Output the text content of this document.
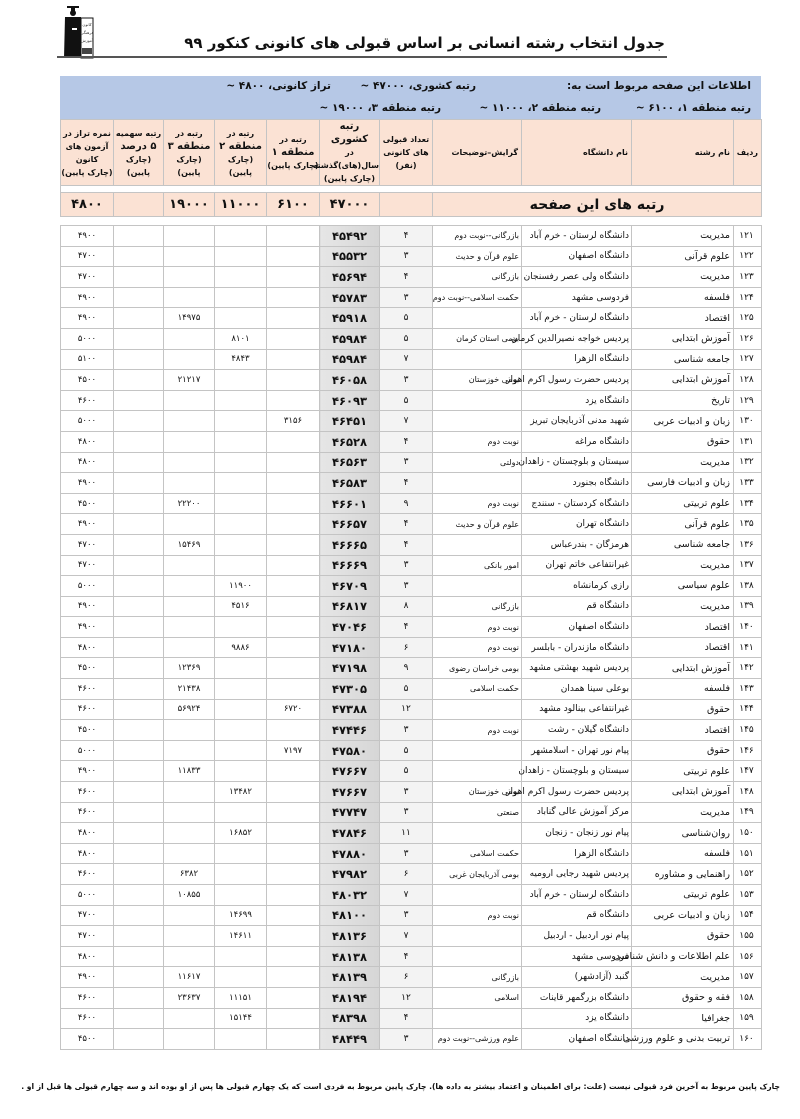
کانون
فرهنگی
آموزش	جدول انتخاب رشته انسانی بر اساس قبولی های کانونی کنکور ۹۹
اطلاعات این صفحه مربوط است به:
رتبه کشوری، ۴۷۰۰۰ ~
تراز کانونی، ۴۸۰۰ ~
رتبه منطقه ۱، ۶۱۰۰ ~
رتبه منطقه ۲، ۱۱۰۰۰ ~
رتبه منطقه ۳، ۱۹۰۰۰ ~
ردیف	نام رشته	نام دانشگاه	گرایش–توضیحات	
تعداد قبولی
های کانونی
(نفر)

رتبه کشوری
در سال(های)گذشته
(چارک پایین)

رتبه در
منطقه ۱
(چارک پایین)

رتبه در
منطقه ۲
(چارک پایین)

رتبه در
منطقه ۳
(چارک پایین)

رتبه سهمیه
۵ درصد
(چارک پایین)

نمره تراز در
آزمون های
کانون
(چارک پایین)

رتبه های این صفحه		۴۷۰۰۰	۶۱۰۰	۱۱۰۰۰	۱۹۰۰۰		۴۸۰۰

۱۲۱	مدیریت	دانشگاه لرستان - خرم آباد	بازرگانی--نوبت دوم	۴	۴۵۴۹۲					۴۹۰۰
۱۲۲	علوم قرآنی	دانشگاه اصفهان	علوم قرآن و حدیث	۳	۴۵۵۳۲					۴۷۰۰
۱۲۳	مدیریت	دانشگاه ولی عصر رفسنجان	بازرگانی	۴	۴۵۶۹۴					۴۷۰۰
۱۲۴	فلسفه	فردوسی مشهد	حکمت اسلامی--نوبت دوم	۳	۴۵۷۸۳					۴۹۰۰
۱۲۵	اقتصاد	دانشگاه لرستان - خرم آباد		۵	۴۵۹۱۸			۱۴۹۷۵		۴۹۰۰
۱۲۶	آموزش ابتدایی	پردیس خواجه نصیرالدین کرمان	بومی استان کرمان	۵	۴۵۹۸۴		۸۱۰۱			۵۰۰۰
۱۲۷	جامعه شناسی	دانشگاه الزهرا		۷	۴۵۹۸۴		۴۸۴۳			۵۱۰۰
۱۲۸	آموزش ابتدایی	پردیس حضرت رسول اکرم اهواز	بومی خوزستان	۳	۴۶۰۵۸			۲۱۲۱۷		۴۵۰۰
۱۲۹	تاریخ	دانشگاه یزد		۵	۴۶۰۹۳					۴۶۰۰
۱۳۰	زبان و ادبیات عربی	شهید مدنی آذربایجان تبریز		۷	۴۶۴۵۱	۳۱۵۶				۵۰۰۰
۱۳۱	حقوق	دانشگاه مراغه	نوبت دوم	۴	۴۶۵۲۸					۴۸۰۰
۱۳۲	مدیریت	سیستان و بلوچستان - زاهدان	دولتی	۳	۴۶۵۶۳					۴۸۰۰
۱۳۳	زبان و ادبیات فارسی	دانشگاه بجنورد		۴	۴۶۵۸۳					۴۹۰۰
۱۳۴	علوم تربیتی	دانشگاه کردستان - سنندج	نوبت دوم	۹	۴۶۶۰۱			۲۲۲۰۰		۴۵۰۰
۱۳۵	علوم قرآنی	دانشگاه تهران	علوم قرآن و حدیث	۴	۴۶۶۵۷					۴۹۰۰
۱۳۶	جامعه شناسی	هرمزگان - بندرعباس		۴	۴۶۶۶۵			۱۵۴۶۹		۴۷۰۰
۱۳۷	مدیریت	غیرانتفاعی خاتم تهران	امور بانکی	۳	۴۶۶۶۹					۴۷۰۰
۱۳۸	علوم سیاسی	رازی کرمانشاه		۳	۴۶۷۰۹		۱۱۹۰۰			۵۰۰۰
۱۳۹	مدیریت	دانشگاه قم	بازرگانی	۸	۴۶۸۱۷		۴۵۱۶			۴۹۰۰
۱۴۰	اقتصاد	دانشگاه اصفهان	نوبت دوم	۴	۴۷۰۴۶					۴۹۰۰
۱۴۱	اقتصاد	دانشگاه مازندران - بابلسر	نوبت دوم	۶	۴۷۱۸۰		۹۸۸۶			۴۸۰۰
۱۴۲	آموزش ابتدایی	پردیس شهید بهشتی مشهد	بومی خراسان رضوی	۹	۴۷۱۹۸			۱۲۳۶۹		۴۵۰۰
۱۴۳	فلسفه	بوعلی سینا همدان	حکمت اسلامی	۵	۴۷۳۰۵			۲۱۴۳۸		۴۶۰۰
۱۴۴	حقوق	غیرانتفاعی بینالود مشهد		۱۲	۴۷۳۸۸	۶۷۲۰		۵۶۹۲۴		۴۶۰۰
۱۴۵	اقتصاد	دانشگاه گیلان - رشت	نوبت دوم	۳	۴۷۴۴۶					۴۵۰۰
۱۴۶	حقوق	پیام نور تهران - اسلامشهر		۵	۴۷۵۸۰	۷۱۹۷				۵۰۰۰
۱۴۷	علوم تربیتی	سیستان و بلوچستان - زاهدان		۵	۴۷۶۶۷			۱۱۸۳۳		۴۹۰۰
۱۴۸	آموزش ابتدایی	پردیس حضرت رسول اکرم اهواز	بومی خوزستان	۳	۴۷۶۶۷		۱۳۴۸۲			۴۶۰۰
۱۴۹	مدیریت	مرکز آموزش عالی گناباد	صنعتی	۳	۴۷۷۴۷					۴۶۰۰
۱۵۰	روان‌شناسی	پیام نور زنجان - زنجان		۱۱	۴۷۸۴۶		۱۶۸۵۲			۴۸۰۰
۱۵۱	فلسفه	دانشگاه الزهرا	حکمت اسلامی	۳	۴۷۸۸۰					۴۸۰۰
۱۵۲	راهنمایی و مشاوره	پردیس شهید رجایی ارومیه	بومی آذربایجان غربی	۶	۴۷۹۸۲			۶۳۸۲		۴۶۰۰
۱۵۳	علوم تربیتی	دانشگاه لرستان - خرم آباد		۷	۴۸۰۳۲			۱۰۸۵۵		۵۰۰۰
۱۵۴	زبان و ادبیات عربی	دانشگاه قم	نوبت دوم	۳	۴۸۱۰۰		۱۴۶۹۹			۴۷۰۰
۱۵۵	حقوق	پیام نور اردبیل - اردبیل		۷	۴۸۱۳۶		۱۴۶۱۱			۴۷۰۰
۱۵۶	علم اطلاعات و دانش شناسی	فردوسی مشهد		۴	۴۸۱۳۸					۴۸۰۰
۱۵۷	مدیریت	گنبد (آزادشهر)	بازرگانی	۶	۴۸۱۳۹			۱۱۶۱۷		۴۹۰۰
۱۵۸	فقه و حقوق	دانشگاه بزرگمهر قاینات	اسلامی	۱۲	۴۸۱۹۴		۱۱۱۵۱	۲۳۶۳۷		۴۶۰۰
۱۵۹	جغرافیا	دانشگاه یزد		۴	۴۸۳۹۸		۱۵۱۴۴			۴۶۰۰
۱۶۰	تربیت بدنی و علوم ورزشی	دانشگاه اصفهان	علوم ورزشی--نوبت دوم	۳	۴۸۴۴۹					۴۵۰۰
چارک پایین مربوط به آخرین فرد قبولی نیست (علت: برای اطمینان و اعتماد بیشتر به داده ها). چارک پایین مربوط به فردی است که یک چهارم قبولی ها پس از او بوده اند و سه چهارم قبولی ها قبل از او .
